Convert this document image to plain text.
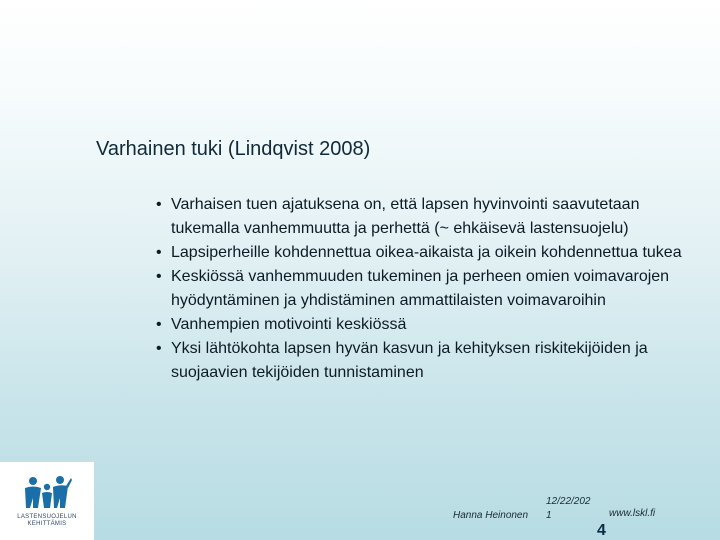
Varhainen tuki (Lindqvist 2008)
• Varhaisen tuen ajatuksena on, että lapsen hyvinvointi saavutetaan tukemalla vanhemmuutta ja perhettä (~ ehkäisevä lastensuojelu)
• Lapsiperheille kohdennettua oikea-aikaista ja oikein kohdennettua tukea
• Keskiössä vanhemmuuden tukeminen ja perheen omien voimavarojen hyödyntäminen ja yhdistäminen ammattilaisten voimavaroihin
• Vanhempien motivointi keskiössä
• Yksi lähtökohta lapsen hyvän kasvun ja kehityksen riskitekijöiden ja suojaavien tekijöiden tunnistaminen
LASTENSUOJELUN
KEHITTÄMIS
Hanna Heinonen
12/22/202
1	www.lskl.fi
4
